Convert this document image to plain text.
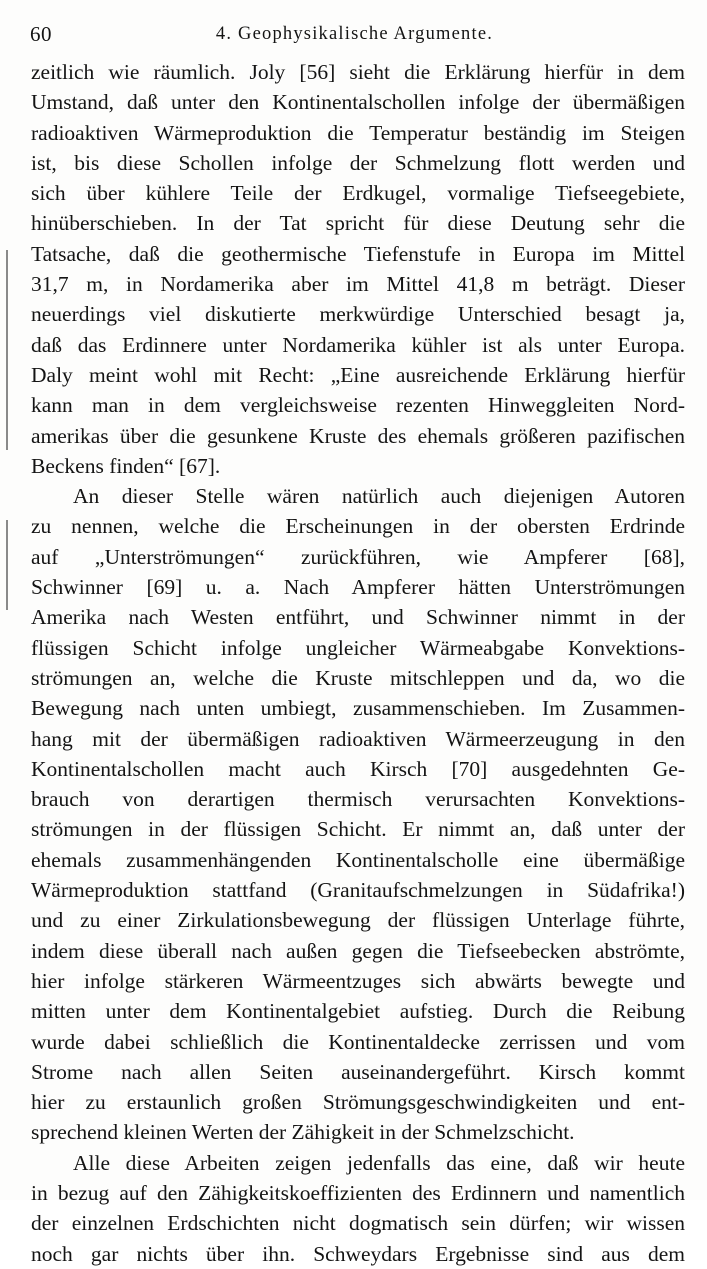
60	4. Geophysikalische Argumente.
zeitlich wie räumlich. Joly [56] sieht die Erklärung hierfür in dem
Umstand, daß unter den Kontinentalschollen infolge der übermäßigen
radioaktiven Wärmeproduktion die Temperatur beständig im Steigen
ist, bis diese Schollen infolge der Schmelzung flott werden und
sich über kühlere Teile der Erdkugel, vormalige Tiefseegebiete,
hinüberschieben. In der Tat spricht für diese Deutung sehr die
Tatsache, daß die geothermische Tiefenstufe in Europa im Mittel
31,7 m, in Nordamerika aber im Mittel 41,8 m beträgt. Dieser
neuerdings viel diskutierte merkwürdige Unterschied besagt ja,
daß das Erdinnere unter Nordamerika kühler ist als unter Europa.
Daly meint wohl mit Recht: „Eine ausreichende Erklärung hierfür
kann man in dem vergleichsweise rezenten Hinweggleiten Nord-
amerikas über die gesunkene Kruste des ehemals größeren pazifischen
Beckens finden“ [67].
An dieser Stelle wären natürlich auch diejenigen Autoren
zu nennen, welche die Erscheinungen in der obersten Erdrinde
auf „Unterströmungen“ zurückführen, wie Ampferer [68],
Schwinner [69] u. a. Nach Ampferer hätten Unterströmungen
Amerika nach Westen entführt, und Schwinner nimmt in der
flüssigen Schicht infolge ungleicher Wärmeabgabe Konvektions-
strömungen an, welche die Kruste mitschleppen und da, wo die
Bewegung nach unten umbiegt, zusammenschieben. Im Zusammen-
hang mit der übermäßigen radioaktiven Wärmeerzeugung in den
Kontinentalschollen macht auch Kirsch [70] ausgedehnten Ge-
brauch von derartigen thermisch verursachten Konvektions-
strömungen in der flüssigen Schicht. Er nimmt an, daß unter der
ehemals zusammenhängenden Kontinentalscholle eine übermäßige
Wärmeproduktion stattfand (Granitaufschmelzungen in Südafrika!)
und zu einer Zirkulationsbewegung der flüssigen Unterlage führte,
indem diese überall nach außen gegen die Tiefseebecken abströmte,
hier infolge stärkeren Wärmeentzuges sich abwärts bewegte und
mitten unter dem Kontinentalgebiet aufstieg. Durch die Reibung
wurde dabei schließlich die Kontinentaldecke zerrissen und vom
Strome nach allen Seiten auseinandergeführt. Kirsch kommt
hier zu erstaunlich großen Strömungsgeschwindigkeiten und ent-
sprechend kleinen Werten der Zähigkeit in der Schmelzschicht.
Alle diese Arbeiten zeigen jedenfalls das eine, daß wir heute
in bezug auf den Zähigkeitskoeffizienten des Erdinnern und namentlich
der einzelnen Erdschichten nicht dogmatisch sein dürfen; wir wissen
noch gar nichts über ihn. Schweydars Ergebnisse sind aus dem
